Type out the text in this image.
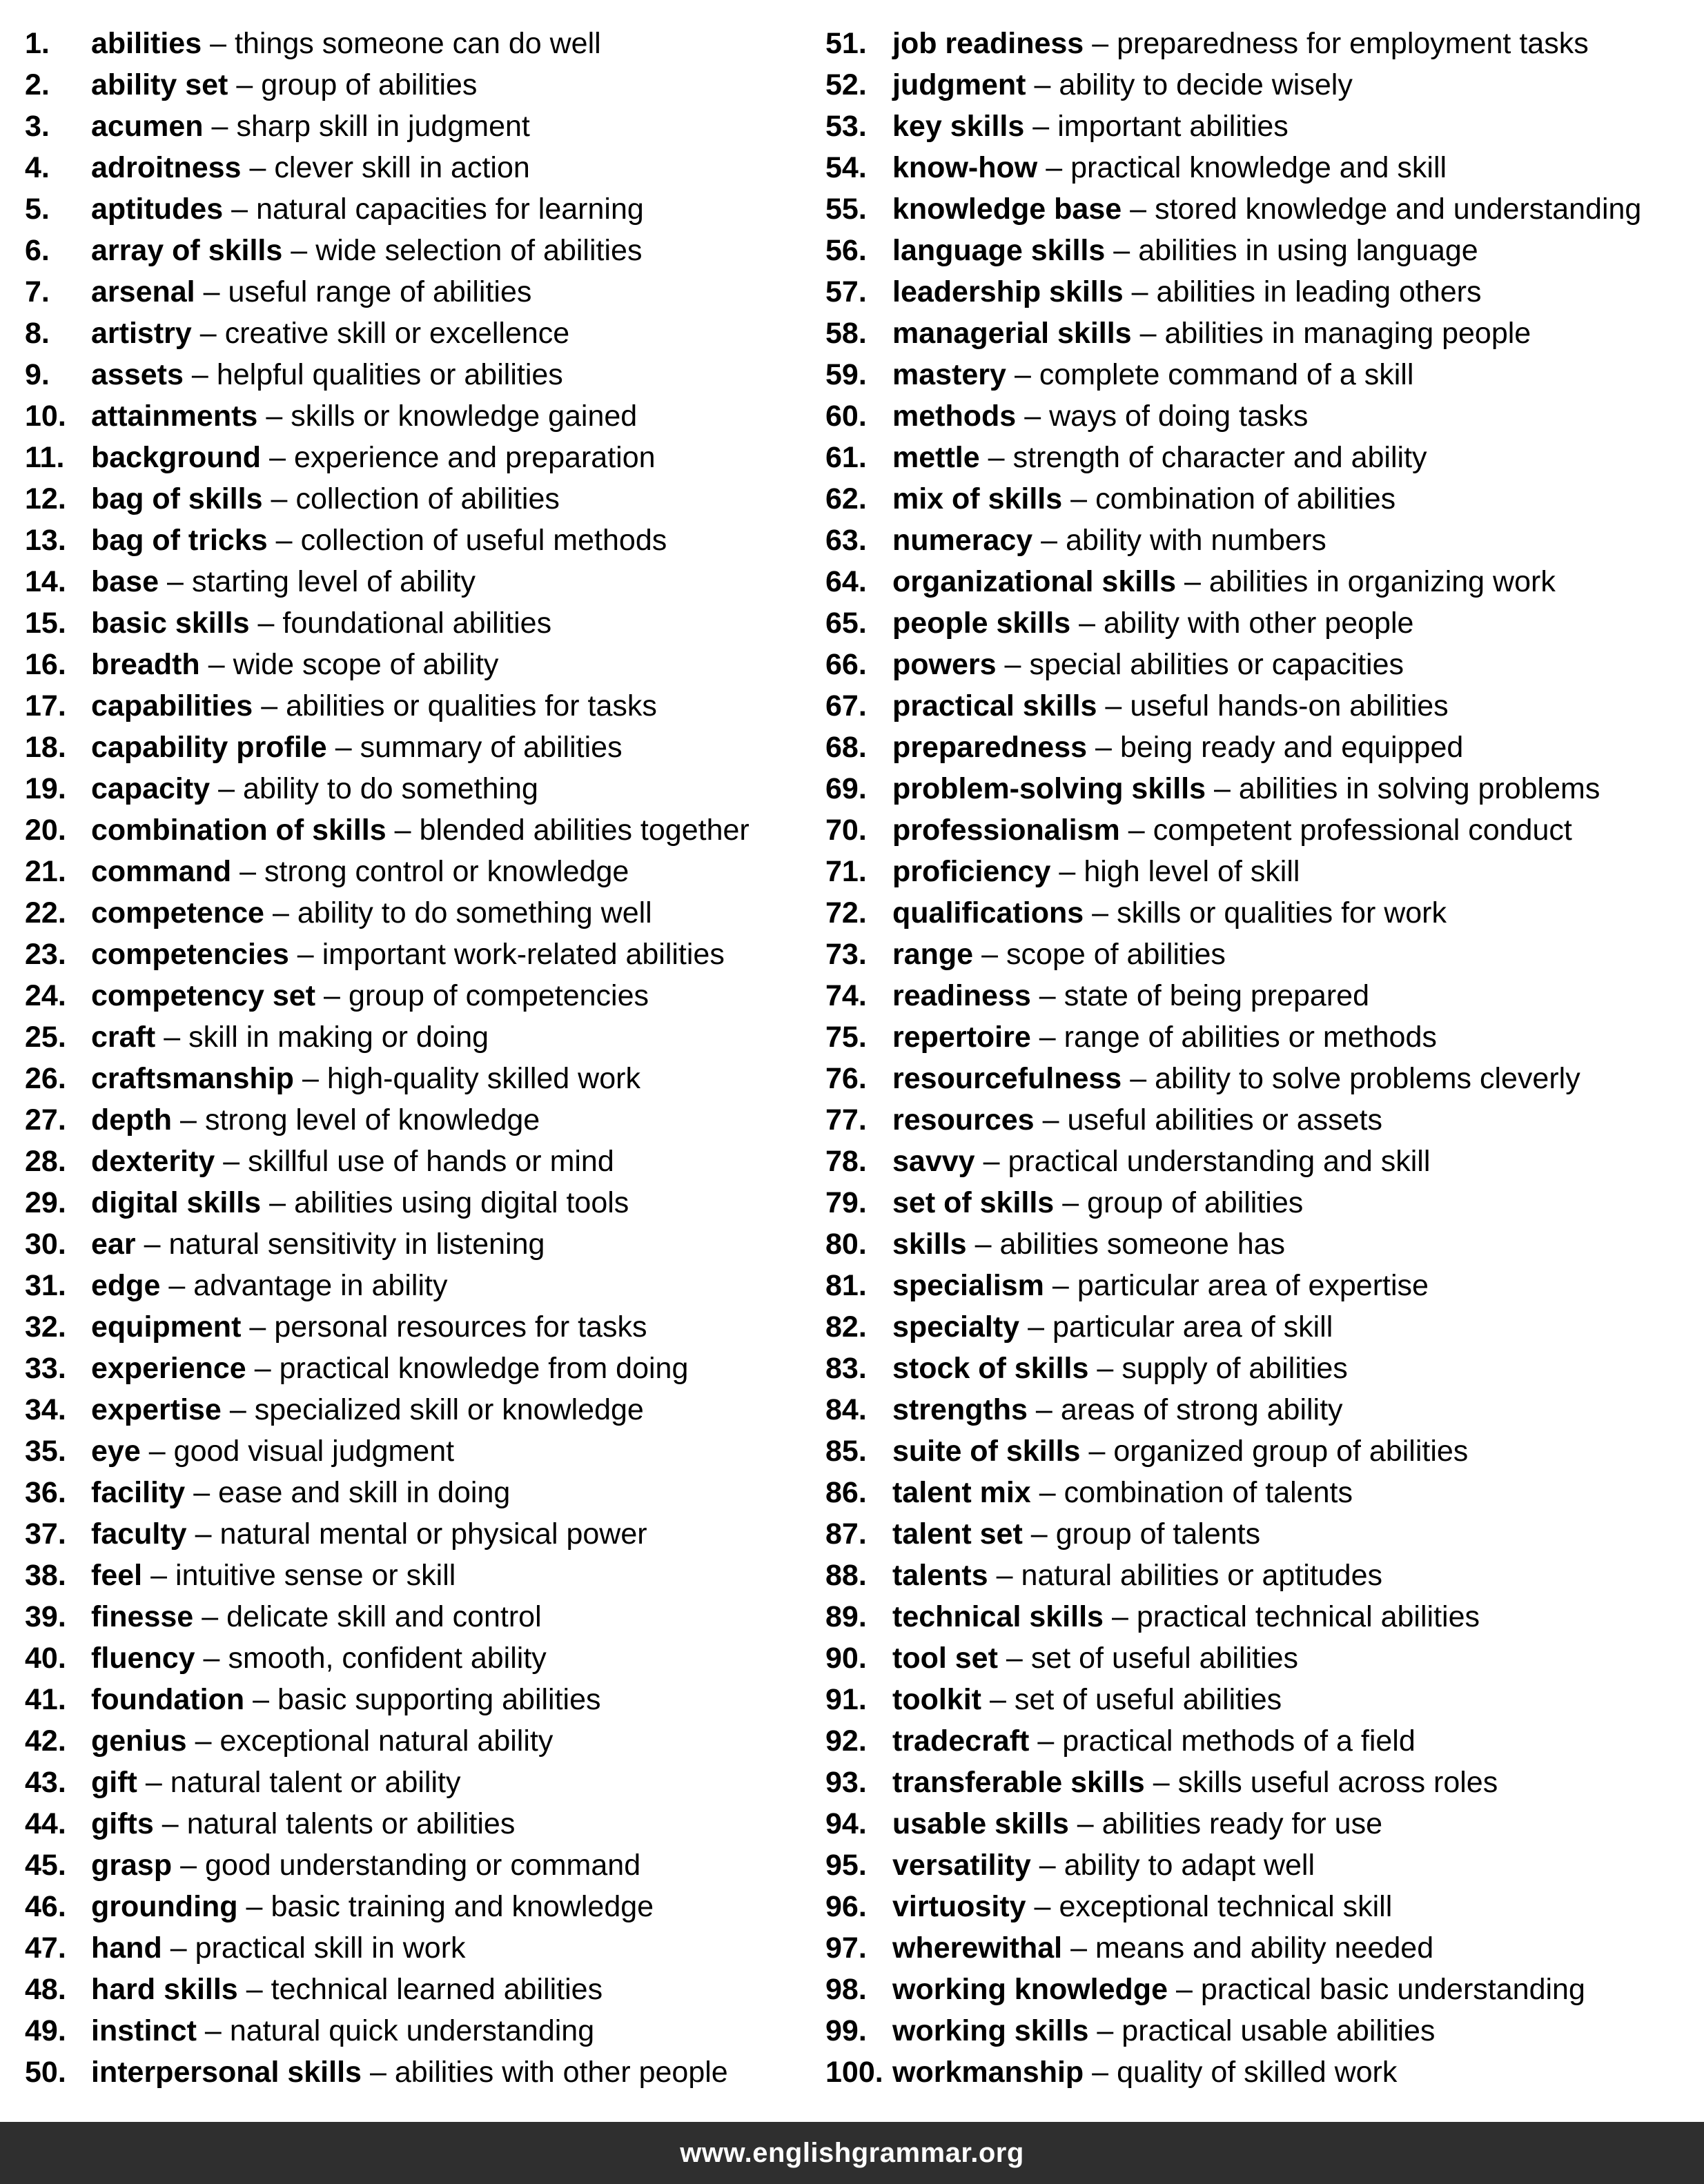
1.	abilities – things someone can do well
2.	ability set – group of abilities
3.	acumen – sharp skill in judgment
4.	adroitness – clever skill in action
5.	aptitudes – natural capacities for learning
6.	array of skills – wide selection of abilities
7.	arsenal – useful range of abilities
8.	artistry – creative skill or excellence
9.	assets – helpful qualities or abilities
10. attainments – skills or knowledge gained
11. background – experience and preparation
12. bag of skills – collection of abilities
13. bag of tricks – collection of useful methods
14. base – starting level of ability
15. basic skills – foundational abilities
16. breadth – wide scope of ability
17. capabilities – abilities or qualities for tasks
18. capability profile – summary of abilities
19. capacity – ability to do something
20. combination of skills – blended abilities together
21. command – strong control or knowledge
22. competence – ability to do something well
23. competencies – important work-related abilities
24. competency set – group of competencies
25. craft – skill in making or doing
26. craftsmanship – high-quality skilled work
27. depth – strong level of knowledge
28. dexterity – skillful use of hands or mind
29. digital skills – abilities using digital tools
30. ear – natural sensitivity in listening
31. edge – advantage in ability
32. equipment – personal resources for tasks
33. experience – practical knowledge from doing
34. expertise – specialized skill or knowledge
35. eye – good visual judgment
36. facility – ease and skill in doing
37. faculty – natural mental or physical power
38. feel – intuitive sense or skill
39. finesse – delicate skill and control
40. fluency – smooth, confident ability
41. foundation – basic supporting abilities
42. genius – exceptional natural ability
43. gift – natural talent or ability
44. gifts – natural talents or abilities
45. grasp – good understanding or command
46. grounding – basic training and knowledge
47. hand – practical skill in work
48. hard skills – technical learned abilities
49. instinct – natural quick understanding
50. interpersonal skills – abilities with other people
51. job readiness – preparedness for employment tasks
52. judgment – ability to decide wisely
53. key skills – important abilities
54. know-how – practical knowledge and skill
55. knowledge base – stored knowledge and understanding
56. language skills – abilities in using language
57. leadership skills – abilities in leading others
58. managerial skills – abilities in managing people
59. mastery – complete command of a skill
60. methods – ways of doing tasks
61. mettle – strength of character and ability
62. mix of skills – combination of abilities
63. numeracy – ability with numbers
64. organizational skills – abilities in organizing work
65. people skills – ability with other people
66. powers – special abilities or capacities
67. practical skills – useful hands-on abilities
68. preparedness – being ready and equipped
69. problem-solving skills – abilities in solving problems
70. professionalism – competent professional conduct
71. proficiency – high level of skill
72. qualifications – skills or qualities for work
73. range – scope of abilities
74. readiness – state of being prepared
75. repertoire – range of abilities or methods
76. resourcefulness – ability to solve problems cleverly
77. resources – useful abilities or assets
78. savvy – practical understanding and skill
79. set of skills – group of abilities
80. skills – abilities someone has
81. specialism – particular area of expertise
82. specialty – particular area of skill
83. stock of skills – supply of abilities
84. strengths – areas of strong ability
85. suite of skills – organized group of abilities
86. talent mix – combination of talents
87. talent set – group of talents
88. talents – natural abilities or aptitudes
89. technical skills – practical technical abilities
90. tool set – set of useful abilities
91. toolkit – set of useful abilities
92. tradecraft – practical methods of a field
93. transferable skills – skills useful across roles
94. usable skills – abilities ready for use
95. versatility – ability to adapt well
96. virtuosity – exceptional technical skill
97. wherewithal – means and ability needed
98. working knowledge – practical basic understanding
99. working skills – practical usable abilities
100. workmanship – quality of skilled work
www.englishgrammar.org
